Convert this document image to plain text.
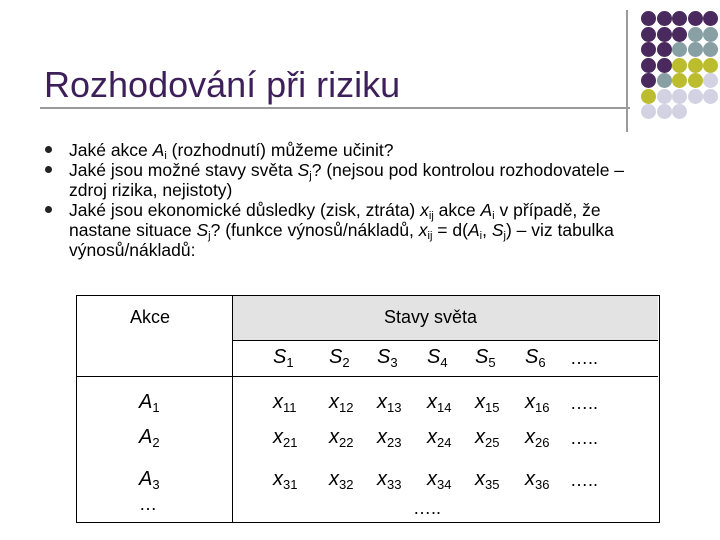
Rozhodování při riziku
Jaké akce $A_i$ (rozhodnutí) můžeme učinit?
Jaké jsou možné stavy světa $S_j$? (nejsou pod kontrolou rozhodovatele – zdroj rizika, nejistoty)
Jaké jsou ekonomické důsledky (zisk, ztráta) $x_{ij}$ akce $A_i$ v případě, že nastane situace $S_j$? (funkce výnosů/nákladů, $x_{ij} = d(A_i$, $S_j$) – viz tabulka výnosů/nákladů:
Akce	Stavy světa
$S_1$ $S_2$ $S_3$ $S_4$ $S_5$ $S_6$ …..
$A_1$
$A_2$
$A_3$
…
$x_{11}$ $x_{12}$ $x_{13}$ $x_{14}$ $x_{15}$ $x_{16}$ …..
$x_{21}$ $x_{22}$ $x_{23}$ $x_{24}$ $x_{25}$ $x_{26}$ …..
$x_{31}$ $x_{32}$ $x_{33}$ $x_{34}$ $x_{35}$ $x_{36}$ …..
…..
